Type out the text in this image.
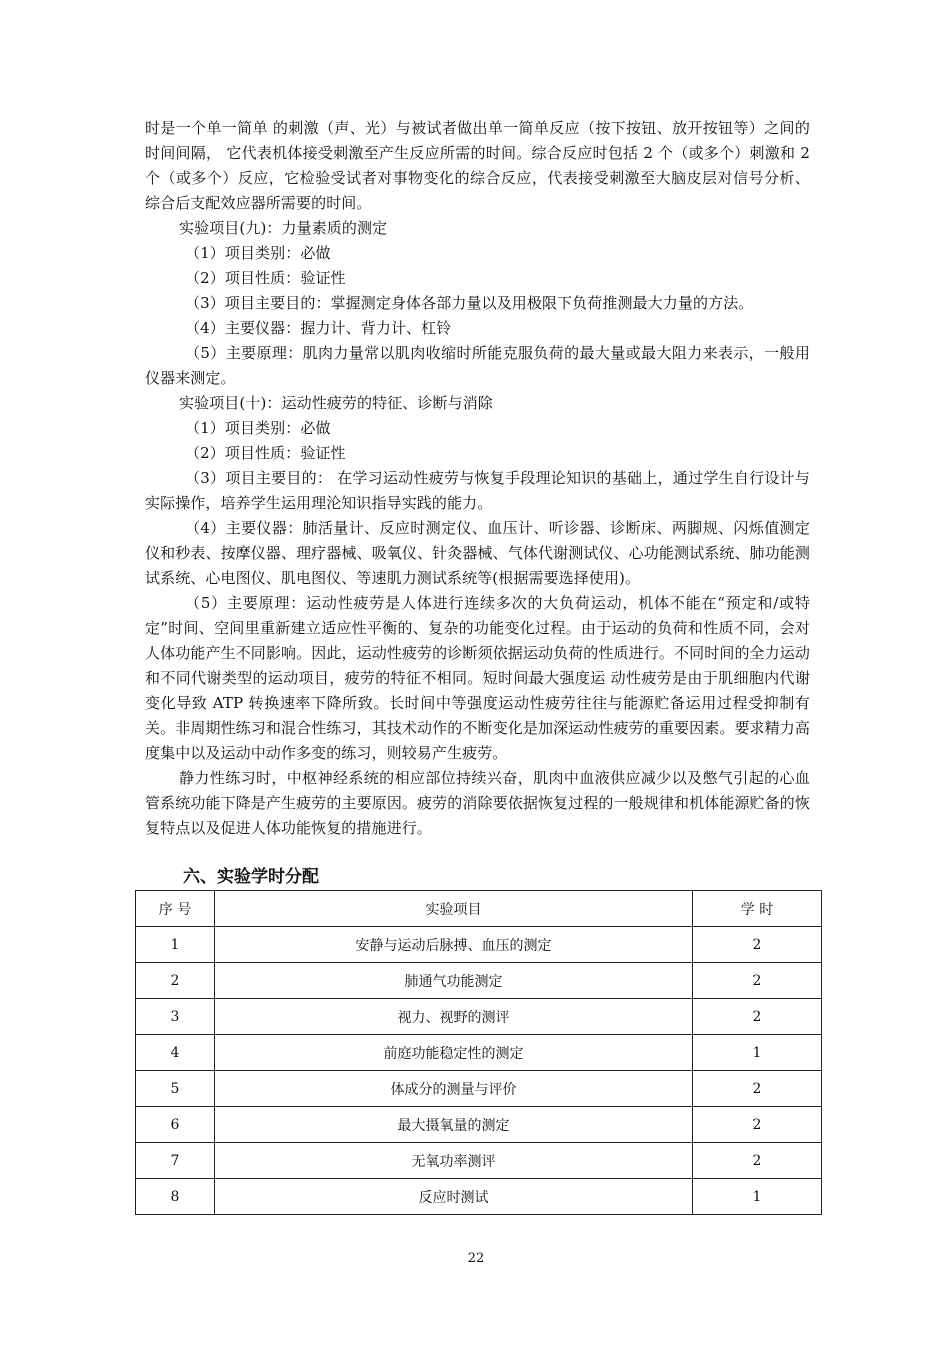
时是一个单一简单 的刺激（声、光）与被试者做出单一简单反应（按下按钮、放开按钮等）之间的时间间隔， 它代表机体接受刺激至产生反应所需的时间。综合反应时包括 2 个（或多个）刺激和 2 个（或多个）反应，它检验受试者对事物变化的综合反应，代表接受刺激至大脑皮层对信号分析、 综合后支配效应器所需要的时间。

实验项目(九)：力量素质的测定

（1）项目类别：必做

（2）项目性质：验证性

（3）项目主要目的：掌握测定身体各部力量以及用极限下负荷推测最大力量的方法。

（4）主要仪器：握力计、背力计、杠铃

（5）主要原理：肌肉力量常以肌肉收缩时所能克服负荷的最大量或最大阻力来表示，一般用仪器来测定。

实验项目(十)：运动性疲劳的特征、诊断与消除

（1）项目类别：必做

（2）项目性质：验证性

（3）项目主要目的： 在学习运动性疲劳与恢复手段理论知识的基础上，通过学生自行设计与实际操作，培养学生运用理沦知识指导实践的能力。

（4）主要仪器：肺活量计、反应时测定仪、血压计、听诊器、诊断床、两脚规、闪烁值测定仪和秒表、按摩仪器、理疗器械、吸氧仪、针灸器械、气体代谢测试仪、心功能测试系统、肺功能测试系统、心电图仪、肌电图仪、等速肌力测试系统等(根据需要选择使用)。

（5）主要原理：运动性疲劳是人体进行连续多次的大负荷运动，机体不能在“预定和/或特定”时间、空间里重新建立适应性平衡的、复杂的功能变化过程。由于运动的负荷和性质不同，会对人体功能产生不同影响。因此，运动性疲劳的诊断须依据运动负荷的性质进行。不同时间的全力运动和不同代谢类型的运动项目，疲劳的特征不相同。短时间最大强度运 动性疲劳是由于肌细胞内代谢变化导致 ATP 转换速率下降所致。长时间中等强度运动性疲劳往往与能源贮备运用过程受抑制有关。非周期性练习和混合性练习，其技术动作的不断变化是加深运动性疲劳的重要因素。要求精力高度集中以及运动中动作多变的练习，则较易产生疲劳。

静力性练习时，中枢神经系统的相应部位持续兴奋，肌肉中血液供应减少以及憋气引起的心血管系统功能下降是产生疲劳的主要原因。疲劳的消除要依据恢复过程的一般规律和机体能源贮备的恢复特点以及促进人体功能恢复的措施进行。

六、实验学时分配
序 号	实验项目	学 时
1	安静与运动后脉搏、血压的测定	2
2	肺通气功能测定	2
3	视力、视野的测评	2
4	前庭功能稳定性的测定	1
5	体成分的测量与评价	2
6	最大摄氧量的测定	2
7	无氧功率测评	2
8	反应时测试	1
22
